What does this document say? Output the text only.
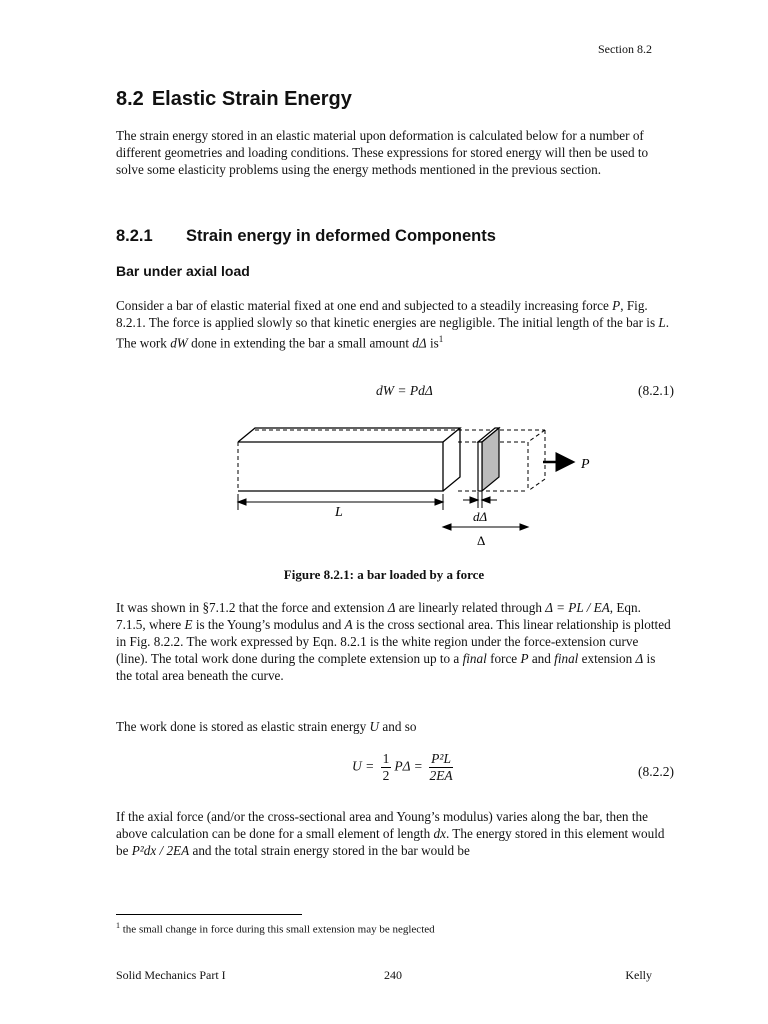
Section 8.2
8.2 Elastic Strain Energy
The strain energy stored in an elastic material upon deformation is calculated below for a number of different geometries and loading conditions. These expressions for stored energy will then be used to solve some elasticity problems using the energy methods mentioned in the previous section.
8.2.1 Strain energy in deformed Components
Bar under axial load
Consider a bar of elastic material fixed at one end and subjected to a steadily increasing force P, Fig. 8.2.1. The force is applied slowly so that kinetic energies are negligible. The initial length of the bar is L. The work dW done in extending the bar a small amount dΔ $is^1$
dW = PdΔ	(8.2.1)
P
L	dΔ
Δ
Figure 8.2.1: a bar loaded by a force
It was shown in §7.1.2 that the force and extension Δ are linearly related through Δ = PL / EA, Eqn. 7.1.5, where E is the Young’s modulus and A is the cross sectional area. This linear relationship is plotted in Fig. 8.2.2. The work expressed by Eqn. 8.2.1 is the white region under the force-extension curve (line). The total work done during the complete extension up to a final force P and final extension Δ is the total area beneath the curve.
The work done is stored as elastic strain energy U and so
$U = \frac{1}{2}$ $P\Delta = \frac{\text{P²L}}{2EA}$	(8.2.2)
If the axial force (and/or the cross-sectional area and Young’s modulus) varies along the bar, then the above calculation can be done for a small element of length dx. The energy stored in this element would be P²dx / 2EA and the total strain energy stored in the bar would be
$^1$ the small change in force during this small extension may be neglected
Solid Mechanics Part I	240	Kelly
